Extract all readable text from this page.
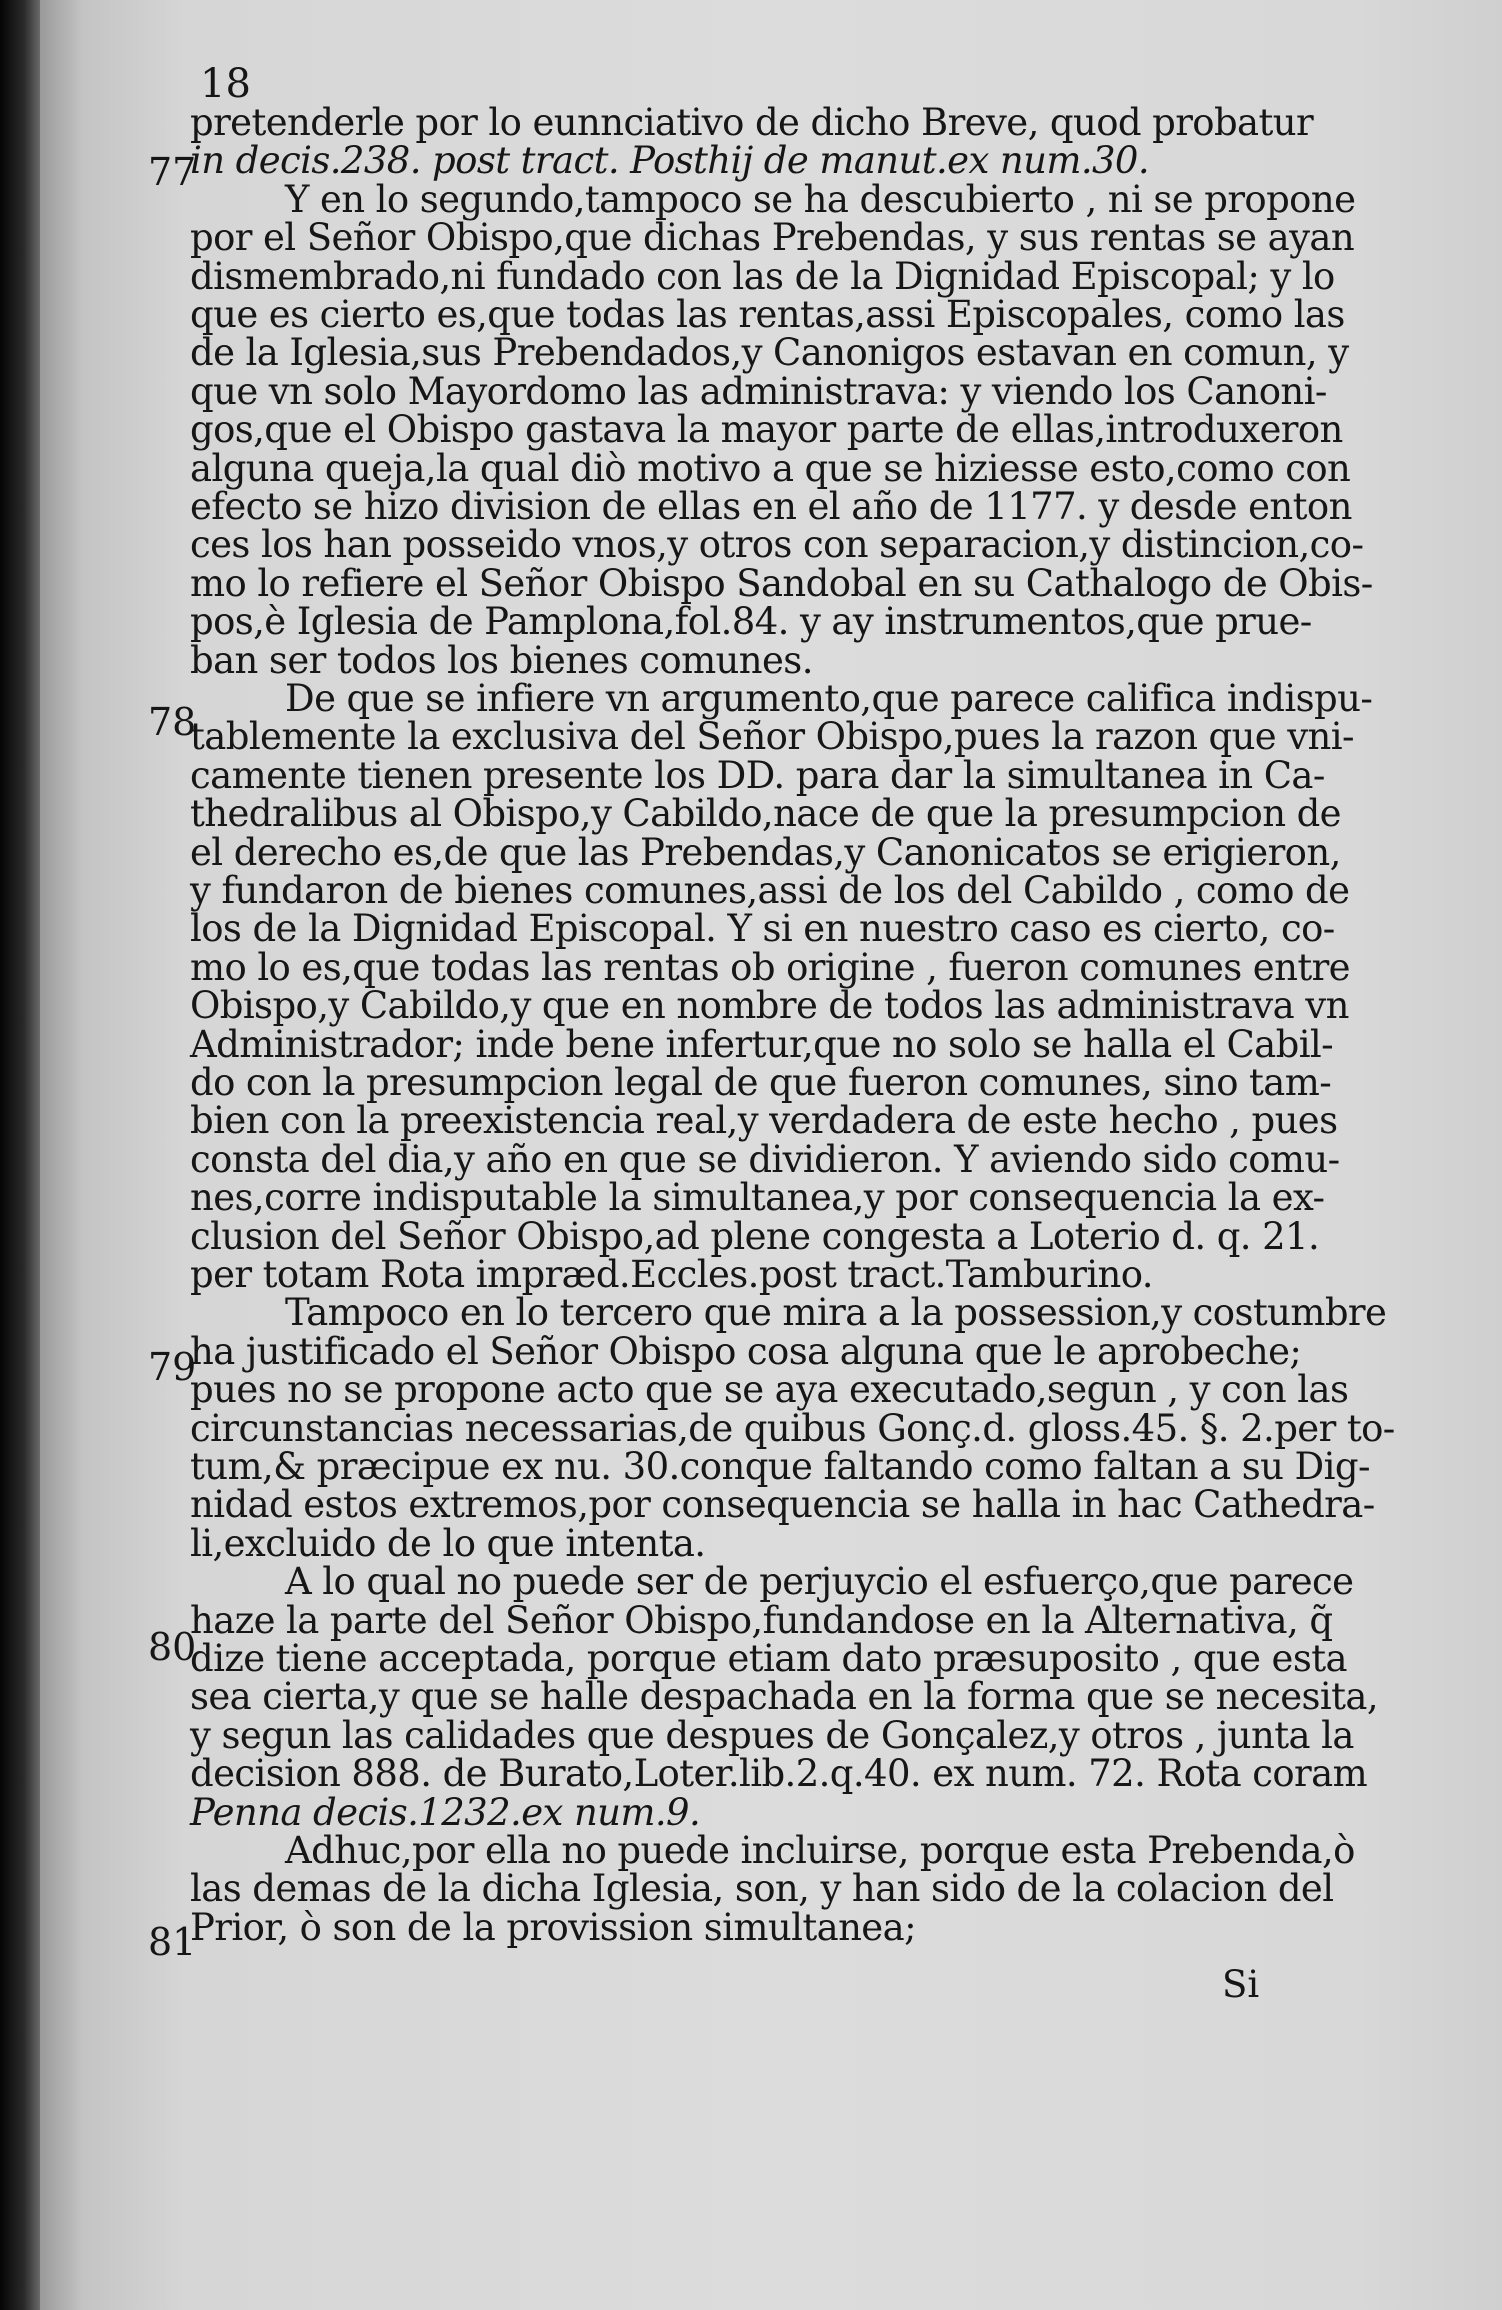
18
77
78
79
80
81
pretenderle por lo eunnciativo de dicho Breve, quod probatur
in decis.238. post tract. Posthij de manut.ex num.30.
Y en lo segundo,tampoco se ha descubierto , ni se propone
por el Señor Obispo,que dichas Prebendas, y sus rentas se ayan
dismembrado,ni fundado con las de la Dignidad Episcopal; y lo
que es cierto es,que todas las rentas,assi Episcopales, como las
de la Iglesia,sus Prebendados,y Canonigos estavan en comun, y
que vn solo Mayordomo las administrava: y viendo los Canoni-
gos,que el Obispo gastava la mayor parte de ellas,introduxeron
alguna queja,la qual diò motivo a que se hiziesse esto,como con
efecto se hizo division de ellas en el año de 1177. y desde enton
ces los han posseido vnos,y otros con separacion,y distincion,co-
mo lo refiere el Señor Obispo Sandobal en su Cathalogo de Obis-
pos,è Iglesia de Pamplona,fol.84. y ay instrumentos,que prue-
ban ser todos los bienes comunes.
De que se infiere vn argumento,que parece califica indispu-
tablemente la exclusiva del Señor Obispo,pues la razon que vni-
camente tienen presente los DD. para dar la simultanea in Ca-
thedralibus al Obispo,y Cabildo,nace de que la presumpcion de
el derecho es,de que las Prebendas,y Canonicatos se erigieron,
y fundaron de bienes comunes,assi de los del Cabildo , como de
los de la Dignidad Episcopal. Y si en nuestro caso es cierto, co-
mo lo es,que todas las rentas ob origine , fueron comunes entre
Obispo,y Cabildo,y que en nombre de todos las administrava vn
Administrador; inde bene infertur,que no solo se halla el Cabil-
do con la presumpcion legal de que fueron comunes, sino tam-
bien con la preexistencia real,y verdadera de este hecho , pues
consta del dia,y año en que se dividieron. Y aviendo sido comu-
nes,corre indisputable la simultanea,y por consequencia la ex-
clusion del Señor Obispo,ad plene congesta a Loterio d. q. 21.
per totam Rota impræd.Eccles.post tract.Tamburino.
Tampoco en lo tercero que mira a la possession,y costumbre
ha justificado el Señor Obispo cosa alguna que le aprobeche;
pues no se propone acto que se aya executado,segun , y con las
circunstancias necessarias,de quibus Gonç.d. gloss.45. §. 2.per to-
tum,& præcipue ex nu. 30.conque faltando como faltan a su Dig-
nidad estos extremos,por consequencia se halla in hac Cathedra-
li,excluido de lo que intenta.
A lo qual no puede ser de perjuycio el esfuerço,que parece
haze la parte del Señor Obispo,fundandose en la Alternativa, q̃
dize tiene acceptada, porque etiam dato præsuposito , que esta
sea cierta,y que se halle despachada en la forma que se necesita,
y segun las calidades que despues de Gonçalez,y otros , junta la
decision 888. de Burato,Loter.lib.2.q.40. ex num. 72. Rota coram
Penna decis.1232.ex num.9.
Adhuc,por ella no puede incluirse, porque esta Prebenda,ò
las demas de la dicha Iglesia, son, y han sido de la colacion del
Prior, ò son de la provission simultanea;
Si
